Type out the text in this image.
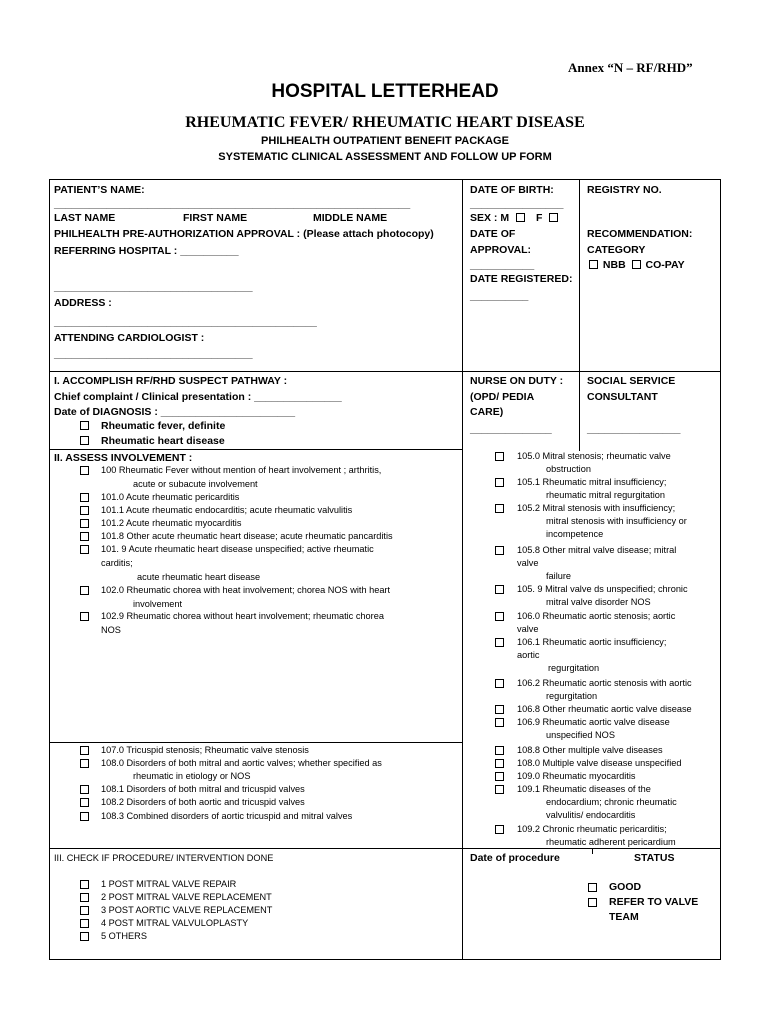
Annex “N – RF/RHD”
HOSPITAL LETTERHEAD
RHEUMATIC FEVER/ RHEUMATIC HEART DISEASE
PHILHEALTH OUTPATIENT BENEFIT PACKAGE
SYSTEMATIC CLINICAL ASSESSMENT AND FOLLOW UP FORM
PATIENT’S NAME:
_____________________________________________________________
LAST NAME	FIRST NAME	MIDDLE NAME
PHILHEALTH PRE-AUTHORIZATION APPROVAL : (Please attach photocopy)
REFERRING HOSPITAL : __________
__________________________________
ADDRESS :
_____________________________________________
ATTENDING CARDIOLOGIST :
__________________________________
DATE OF BIRTH:
________________
SEX : M	F
DATE OF
APPROVAL:
___________
DATE REGISTERED:
__________
REGISTRY NO.
RECOMMENDATION:
CATEGORY
NBB CO-PAY
I. ACCOMPLISH RF/RHD SUSPECT PATHWAY :
Chief complaint / Clinical presentation : _______________
Date of DIAGNOSIS : _______________________
Rheumatic fever, definite
Rheumatic heart disease
NURSE ON DUTY :
(OPD/ PEDIA
CARE)
______________
SOCIAL SERVICE
CONSULTANT
________________
II. ASSESS INVOLVEMENT :
100 Rheumatic Fever without mention of heart involvement ; arthritis,
acute or subacute involvement
101.0 Acute rheumatic pericarditis
101.1 Acute rheumatic endocarditis; acute rheumatic valvulitis
101.2 Acute rheumatic myocarditis
101.8 Other acute rheumatic heart disease; acute rheumatic pancarditis
101. 9 Acute rheumatic heart disease unspecified; active rheumatic
carditis;
acute rheumatic heart disease
102.0 Rheumatic chorea with heat involvement; chorea NOS with heart
involvement
102.9 Rheumatic chorea without heart involvement; rheumatic chorea
NOS
105.0 Mitral stenosis; rheumatic valve
obstruction
105.1 Rheumatic mitral insufficiency;
rheumatic mitral regurgitation
105.2 Mitral stenosis with insufficiency;
mitral stenosis with insufficiency or
incompetence
105.8 Other mitral valve disease; mitral
valve
failure
105. 9 Mitral valve ds unspecified; chronic
mitral valve disorder NOS
106.0 Rheumatic aortic stenosis; aortic
valve
106.1 Rheumatic aortic insufficiency;
aortic
regurgitation
106.2 Rheumatic aortic stenosis with aortic
regurgitation
106.8 Other rheumatic aortic valve disease
106.9 Rheumatic aortic valve disease
unspecified NOS
107.0 Tricuspid stenosis; Rheumatic valve stenosis
108.0 Disorders of both mitral and aortic valves; whether specified as
rheumatic in etiology or NOS
108.1 Disorders of both mitral and tricuspid valves
108.2 Disorders of both aortic and tricuspid valves
108.3 Combined disorders of aortic tricuspid and mitral valves
108.8 Other multiple valve diseases
108.0 Multiple valve disease unspecified
109.0 Rheumatic myocarditis
109.1 Rheumatic diseases of the
endocardium; chronic rheumatic
valvulitis/ endocarditis
109.2 Chronic rheumatic pericarditis;
rheumatic adherent pericardium
III. CHECK IF PROCEDURE/ INTERVENTION DONE
1 POST MITRAL VALVE REPAIR
2 POST MITRAL VALVE REPLACEMENT
3 POST AORTIC VALVE REPLACEMENT
4 POST MITRAL VALVULOPLASTY
5 OTHERS
Date of procedure	STATUS
GOOD
REFER TO VALVE
TEAM
